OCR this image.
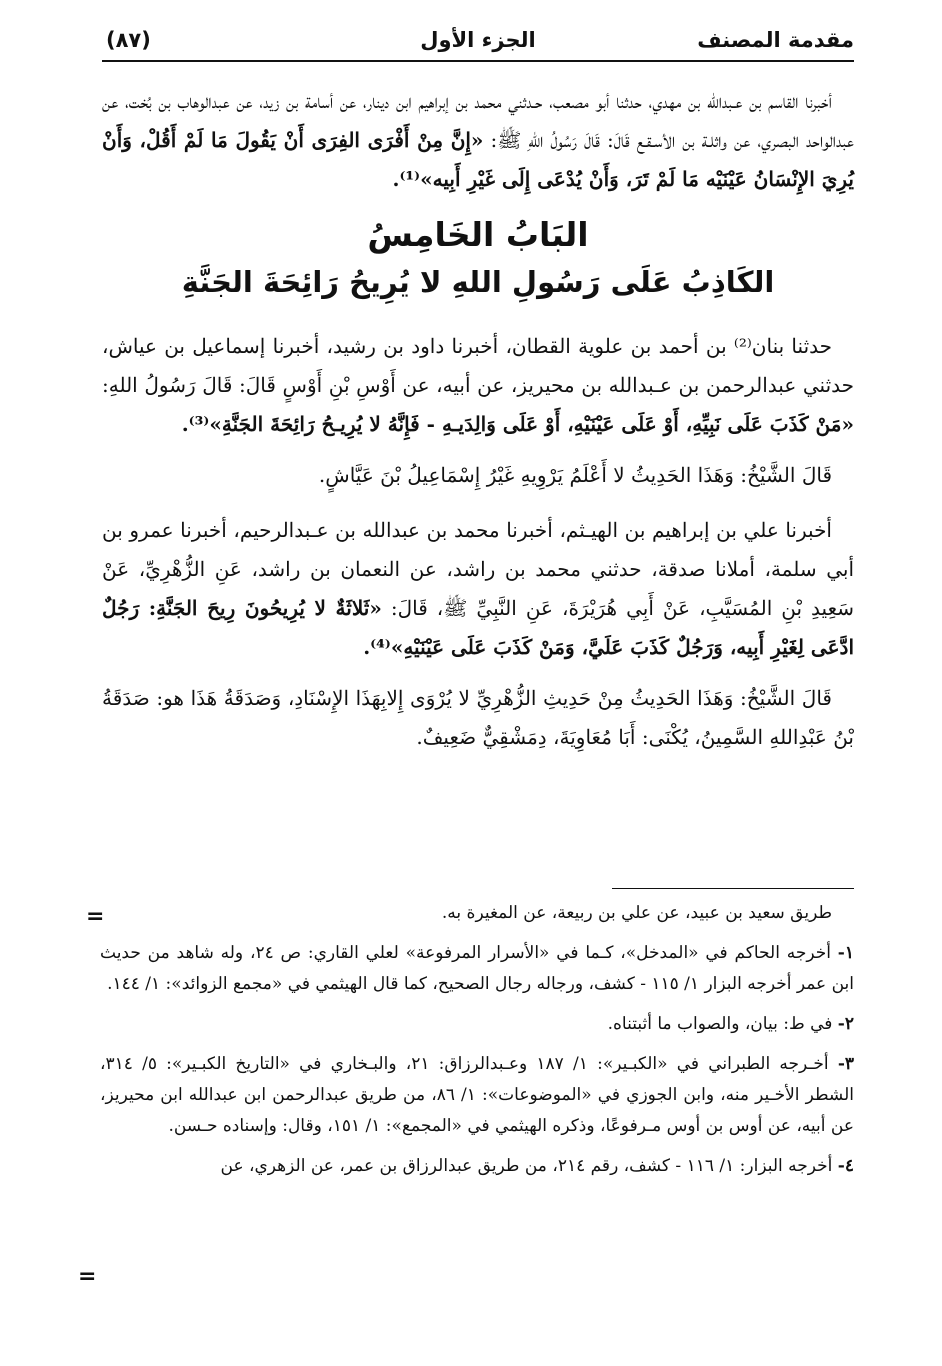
مقدمة المصنف
الجزء الأول
(٨٧)

أخبرنا القاسم بن عـبدالله بن مهدي، حدثنا أبو مصعب، حـدثني محمد بن إبراهيم ابن دينار، عن أسامة بن زيد، عن عبدالوهاب بن بُخت، عن عبدالواحد البصري، عن واثلـة بن الأسـقـع قَالَ: قَالَ رَسُولُ اللهِ ﷺ: «إِنَّ مِنْ أَفْرَى الفِرَى أَنْ يَقُولَ مَا لَمْ أَقُلْ، وَأَنْ يُرِيَ الإِنْسَانُ عَيْنَيْه مَا لَمْ تَرَ، وَأَنْ يُدْعَى إِلَى غَيْرِ أَبِيه»⁽¹⁾.

البَابُ الخَامِسُ
الكَاذِبُ عَلَى رَسُولِ اللهِ لا يُرِيحُ رَائِحَةَ الجَنَّةِ

حدثنا بنان⁽²⁾ بن أحمد بن علوية القطان، أخبرنا داود بن رشيد، أخبرنا إسماعيل بن عياش، حدثني عبدالرحمن بن عـبدالله بن محيريز، عن أبيه، عن أَوْسِ بْنِ أَوْسٍ قَالَ: قَالَ رَسُولُ اللهِ: «مَنْ كَذَبَ عَلَى نَبِيِّهِ، أَوْ عَلَى عَيْنَيْهِ، أَوْ عَلَى وَالِدَيـهِ - فَإِنَّهُ لا يُرِيـحُ رَائِحَةَ الجَنَّةِ»⁽³⁾.

قَالَ الشَّيْخُ: وَهَذَا الحَدِيثُ لا أَعْلَمُ يَرْوِيهِ غَيْرُ إِسْمَاعِيلُ بْنَ عَيَّاشٍ.

أخبرنا علي بن إبراهيم بن الهيـثم، أخبرنا محمد بن عبدالله بن عـبدالرحيم، أخبرنا عمرو بن أبي سلمة، أملانا صدقة، حدثني محمد بن راشد، عن النعمان بن راشد، عَنِ الزُّهْرِيِّ، عَنْ سَعِيدِ بْنِ المُسَيَّبِ، عَنْ أَبِي هُرَيْرَةَ، عَنِ النَّبِيِّ ﷺ، قَالَ: «ثَلاثَةٌ لا يُرِيحُونَ رِيحَ الجَنَّةِ: رَجُلٌ ادَّعَى لِغَيْرِ أَبِيه، وَرَجُلٌ كَذَبَ عَلَيَّ، وَمَنْ كَذَبَ عَلَى عَيْنَيْهِ»⁽⁴⁾.

قَالَ الشَّيْخُ: وَهَذَا الحَدِيثُ مِنْ حَدِيثِ الزُّهْرِيِّ لا يُرْوَى إِلابِهَذَا الإِسْنَادِ، وَصَدَقَةُ هَذَا هو: صَدَقَةُ بْنُ عَبْدِاللهِ السَّمِينُ، يُكْنَى: أَبَا مُعَاوِيَةَ، دِمَشْقِيٌّ ضَعِيفٌ.

=
=

طريق سعيد بن عبيد، عن علي بن ربيعة، عن المغيرة به.

١- أخرجه الحاكم في «المدخل»، كـما في «الأسرار المرفوعة» لعلي القاري: ص ٢٤، وله شاهد من حديث ابن عمر أخرجه البزار ١/ ١١٥ - كشف، ورجاله رجال الصحيح، كما قال الهيثمي في «مجمع الزوائد»: ١/ ١٤٤.

٢- في ط: بيان، والصواب ما أثبتناه.

٣- أخـرجه الطبراني في «الكبـير»: ١/ ١٨٧ وعـبدالرزاق: ٢١، والبـخاري في «التاريخ الكبـير»: ٥/ ٣١٤، الشطر الأخـير منه، وابن الجوزي في «الموضوعات»: ١/ ٨٦، من طريق عبدالرحمن ابن عبدالله ابن محيريز، عن أبيه، عن أوس بن أوس مـرفوعًا، وذكره الهيثمي في «المجمع»: ١/ ١٥١، وقال: وإسناده حـسن.

٤- أخرجه البزار: ١/ ١١٦ - كشف، رقم ٢١٤، من طريق عبدالرزاق بن عمر، عن الزهري، عن
